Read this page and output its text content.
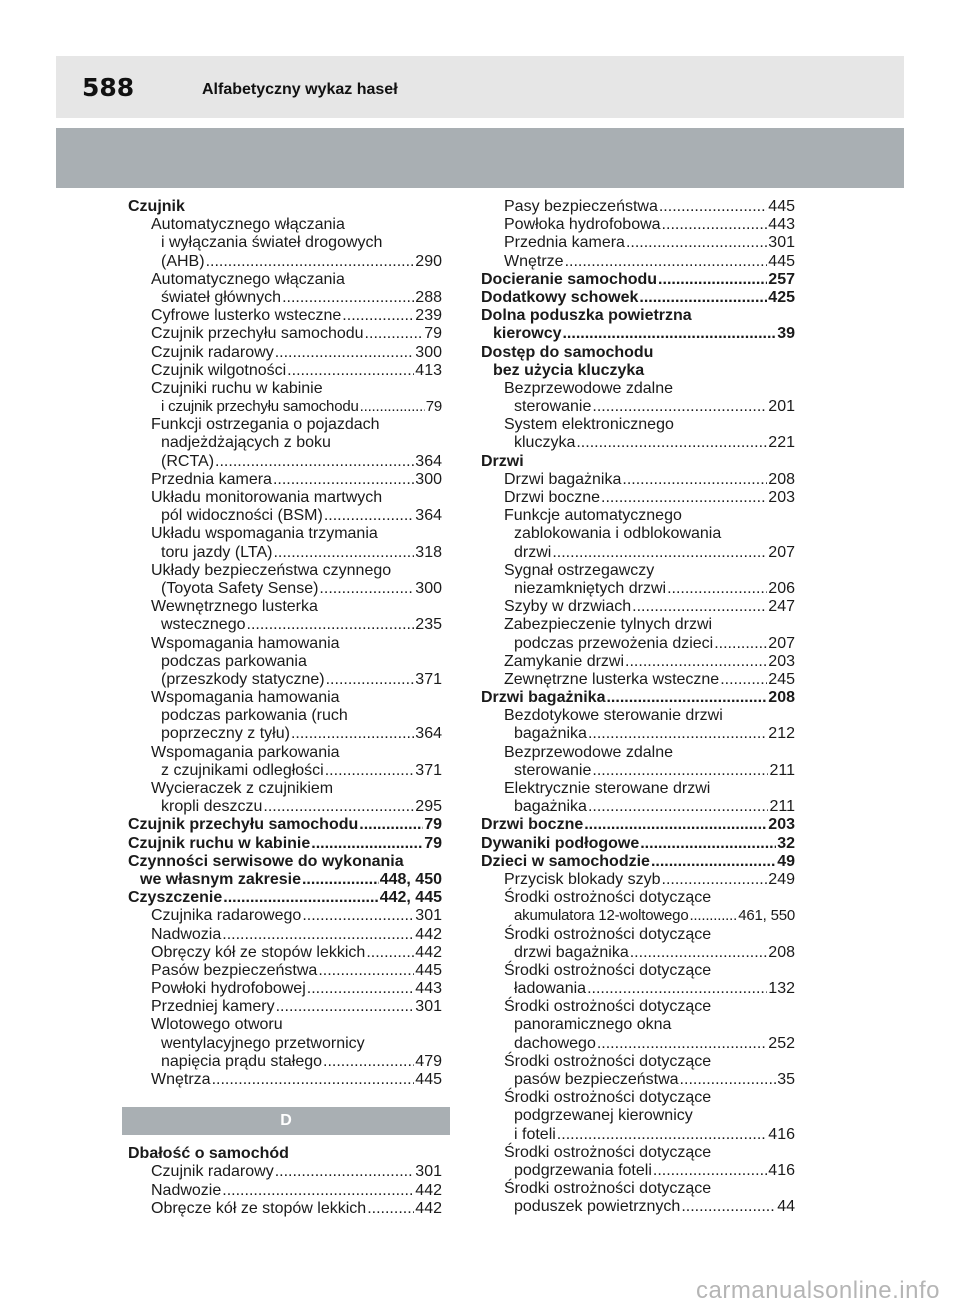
588	Alfabetyczny wykaz haseł
Czujnik
Automatycznego włączania
i wyłączania świateł drogowych
(AHB) .....	290
Automatycznego włączania
świateł głównych .....	288
Cyfrowe lusterko wsteczne .....	239
Czujnik przechyłu samochodu .....	79
Czujnik radarowy .....	300
Czujnik wilgotności .....	413
Czujniki ruchu w kabinie
i czujnik przechyłu samochodu .....	79
Funkcji ostrzegania o pojazdach
nadjeżdżających z boku
(RCTA) .....	364
Przednia kamera .....	300
Układu monitorowania martwych
pól widoczności (BSM) .....	364
Układu wspomagania trzymania
toru jazdy (LTA) .....	318
Układy bezpieczeństwa czynnego
(Toyota Safety Sense) .....	300
Wewnętrznego lusterka
wstecznego .....	235
Wspomagania hamowania
podczas parkowania
(przeszkody statyczne) .....	371
Wspomagania hamowania
podczas parkowania (ruch
poprzeczny z tyłu) .....	364
Wspomagania parkowania
z czujnikami odległości .....	371
Wycieraczek z czujnikiem
kropli deszczu .....	295
Czujnik przechyłu samochodu .....	79
Czujnik ruchu w kabinie .....	79
Czynności serwisowe do wykonania
we własnym zakresie .....	448, 450
Czyszczenie .....	442, 445
Czujnika radarowego .....	301
Nadwozia .....	442
Obręczy kół ze stopów lekkich .....	442
Pasów bezpieczeństwa .....	445
Powłoki hydrofobowej .....	443
Przedniej kamery .....	301
Wlotowego otworu
wentylacyjnego przetwornicy
napięcia prądu stałego .....	479
Wnętrza .....	445
D
Dbałość o samochód
Czujnik radarowy .....	301
Nadwozie .....	442
Obręcze kół ze stopów lekkich .....	442
Pasy bezpieczeństwa .....	445
Powłoka hydrofobowa .....	443
Przednia kamera .....	301
Wnętrze .....	445
Docieranie samochodu .....	257
Dodatkowy schowek .....	425
Dolna poduszka powietrzna
kierowcy .....	39
Dostęp do samochodu
bez użycia kluczyka
Bezprzewodowe zdalne
sterowanie .....	201
System elektronicznego
kluczyka .....	221
Drzwi
Drzwi bagażnika .....	208
Drzwi boczne .....	203
Funkcje automatycznego
zablokowania i odblokowania
drzwi .....	207
Sygnał ostrzegawczy
niezamkniętych drzwi .....	206
Szyby w drzwiach .....	247
Zabezpieczenie tylnych drzwi
podczas przewożenia dzieci .....	207
Zamykanie drzwi .....	203
Zewnętrzne lusterka wsteczne .....	245
Drzwi bagażnika .....	208
Bezdotykowe sterowanie drzwi
bagażnika .....	212
Bezprzewodowe zdalne
sterowanie .....	211
Elektrycznie sterowane drzwi
bagażnika .....	211
Drzwi boczne .....	203
Dywaniki podłogowe .....	32
Dzieci w samochodzie .....	49
Przycisk blokady szyb .....	249
Środki ostrożności dotyczące
akumulatora 12-woltowego .....	461, 550
Środki ostrożności dotyczące
drzwi bagażnika .....	208
Środki ostrożności dotyczące
ładowania .....	132
Środki ostrożności dotyczące
panoramicznego okna
dachowego .....	252
Środki ostrożności dotyczące
pasów bezpieczeństwa .....	35
Środki ostrożności dotyczące
podgrzewanej kierownicy
i foteli .....	416
Środki ostrożności dotyczące
podgrzewania foteli .....	416
Środki ostrożności dotyczące
poduszek powietrznych .....	44
carmanualsonline.info
